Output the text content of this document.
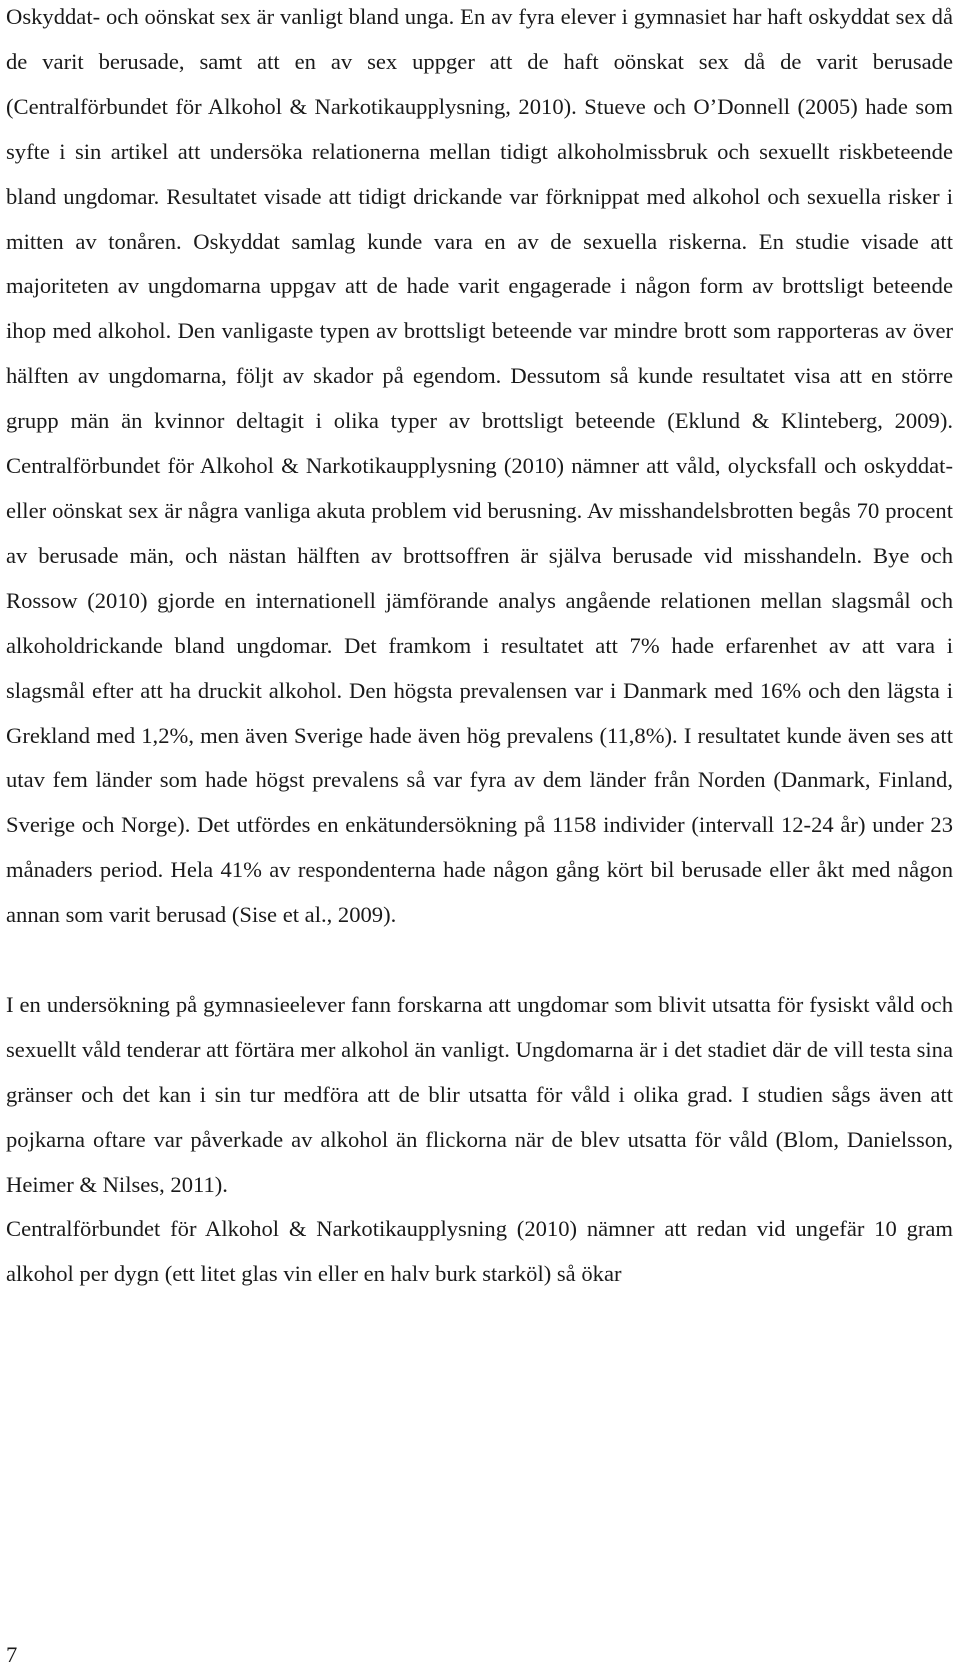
Oskyddat- och oönskat sex är vanligt bland unga. En av fyra elever i gymnasiet har haft oskyddat sex då de varit berusade, samt att en av sex uppger att de haft oönskat sex då de varit berusade (Centralförbundet för Alkohol & Narkotikaupplysning, 2010). Stueve och O’Donnell (2005) hade som syfte i sin artikel att undersöka relationerna mellan tidigt alkoholmissbruk och sexuellt riskbeteende bland ungdomar. Resultatet visade att tidigt drickande var förknippat med alkohol och sexuella risker i mitten av tonåren. Oskyddat samlag kunde vara en av de sexuella riskerna. En studie visade att majoriteten av ungdomarna uppgav att de hade varit engagerade i någon form av brottsligt beteende ihop med alkohol. Den vanligaste typen av brottsligt beteende var mindre brott som rapporteras av över hälften av ungdomarna, följt av skador på egendom. Dessutom så kunde resultatet visa att en större grupp män än kvinnor deltagit i olika typer av brottsligt beteende (Eklund & Klinteberg, 2009). Centralförbundet för Alkohol & Narkotikaupplysning (2010) nämner att våld, olycksfall och oskyddat- eller oönskat sex är några vanliga akuta problem vid berusning. Av misshandelsbrotten begås 70 procent av berusade män, och nästan hälften av brottsoffren är själva berusade vid misshandeln. Bye och Rossow (2010) gjorde en internationell jämförande analys angående relationen mellan slagsmål och alkoholdrickande bland ungdomar. Det framkom i resultatet att 7% hade erfarenhet av att vara i slagsmål efter att ha druckit alkohol. Den högsta prevalensen var i Danmark med 16% och den lägsta i Grekland med 1,2%, men även Sverige hade även hög prevalens (11,8%). I resultatet kunde även ses att utav fem länder som hade högst prevalens så var fyra av dem länder från Norden (Danmark, Finland, Sverige och Norge). Det utfördes en enkätundersökning på 1158 individer (intervall 12-24 år) under 23 månaders period. Hela 41% av respondenterna hade någon gång kört bil berusade eller åkt med någon annan som varit berusad (Sise et al., 2009).

I en undersökning på gymnasieelever fann forskarna att ungdomar som blivit utsatta för fysiskt våld och sexuellt våld tenderar att förtära mer alkohol än vanligt. Ungdomarna är i det stadiet där de vill testa sina gränser och det kan i sin tur medföra att de blir utsatta för våld i olika grad. I studien sågs även att pojkarna oftare var påverkade av alkohol än flickorna när de blev utsatta för våld (Blom, Danielsson, Heimer & Nilses, 2011).

Centralförbundet för Alkohol & Narkotikaupplysning (2010) nämner att redan vid ungefär 10 gram alkohol per dygn (ett litet glas vin eller en halv burk starköl) så ökar

7
